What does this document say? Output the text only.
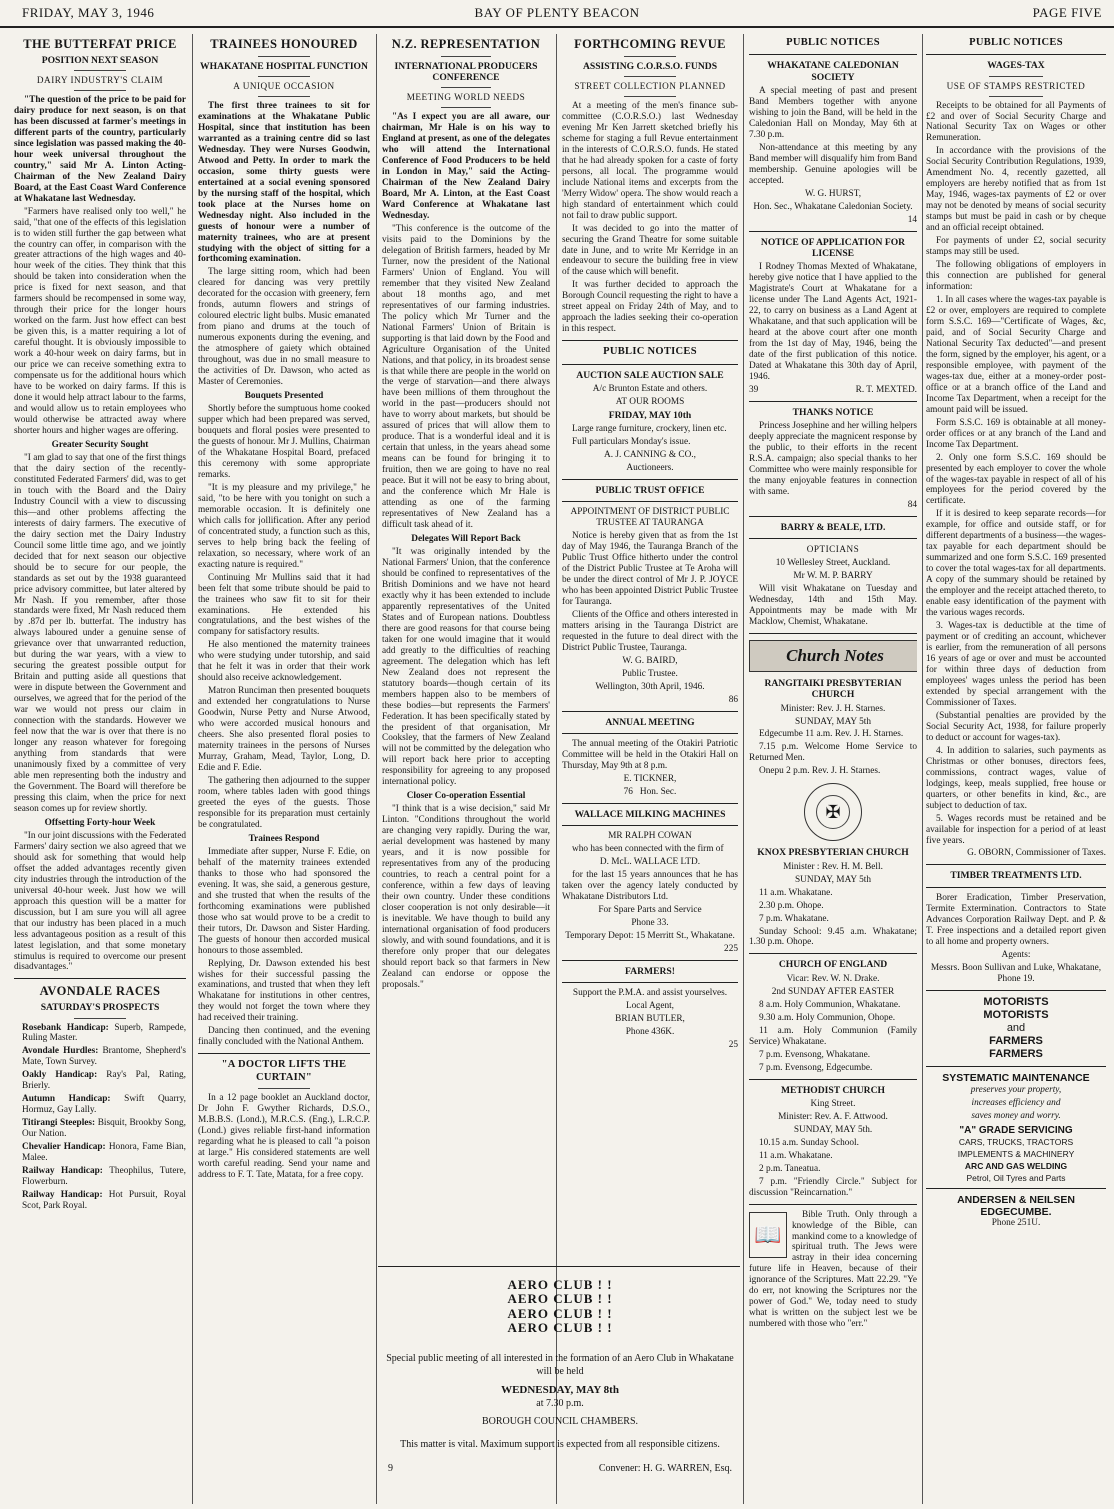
FRIDAY, MAY 3, 1946	BAY OF PLENTY BEACON	PAGE FIVE
THE BUTTERFAT PRICE
POSITION NEXT SEASON
DAIRY INDUSTRY'S CLAIM

"The question of the price to be paid for dairy produce for next season, is on that has been discussed at farmer's meetings in different parts of the country, particularly since legislation was passed making the 40-hour week universal throughout the country," said Mr A. Linton Acting-Chairman of the New Zealand Dairy Board, at the East Coast Ward Conference at Whakatane last Wednesday.

"Farmers have realised only too well," he said, "that one of the effects of this legislation is to widen still further the gap between what the country can offer, in comparison with the greater attractions of the high wages and 40-hour week of the cities. They think that this should be taken into consideration when the price is fixed for next season, and that farmers should be recompensed in some way, through their price for the longer hours worked on the farm. Just how effect can best be given this, is a matter requiring a lot of careful thought. It is obviously impossible to work a 40-hour week on dairy farms, but in our price we can receive something extra to compensate us for the additional hours which have to be worked on dairy farms. If this is done it would help attract labour to the farms, and would allow us to retain employees who would otherwise be attracted away where shorter hours and higher wages are offering.

Greater Security Sought

"I am glad to say that one of the first things that the dairy section of the recently-constituted Federated Farmers' did, was to get in touch with the Board and the Dairy Industry Council with a view to discussing this—and other problems affecting the interests of dairy farmers. The executive of the dairy section met the Dairy Industry Council some little time ago, and we jointly decided that for next season our objective should be to secure for our people, the standards as set out by the 1938 guaranteed price advisory committee, but later altered by Mr Nash. If you remember, after those standards were fixed, Mr Nash reduced them by .87d per lb. butterfat. The industry has always laboured under a genuine sense of grievance over that unwarranted reduction, but during the war years, with a view to securing the greatest possible output for Britain and putting aside all questions that were in dispute between the Government and ourselves, we agreed that for the period of the war we would not press our claim in connection with the standards. However we feel now that the war is over that there is no longer any reason whatever for foregoing anything from standards that were unanimously fixed by a committee of very able men representing both the industry and the Government. The Board will therefore be pressing this claim, when the price for next season comes up for review shortly.

Offsetting Forty-hour Week

"In our joint discussions with the Federated Farmers' dairy section we also agreed that we should ask for something that would help offset the added advantages recently given city industries through the introduction of the universal 40-hour week. Just how we will approach this question will be a matter for discussion, but I am sure you will all agree that our industry has been placed in a much less advantageous position as a result of this latest legislation, and that some monetary stimulus is required to overcome our present disadvantages."

AVONDALE RACES
SATURDAY'S PROSPECTS

Rosebank Handicap: Superb, Rampede, Ruling Master.

Avondale Hurdles: Brantome, Shepherd's Mate, Town Survey.

Oakly Handicap: Ray's Pal, Rating, Brierly.

Autumn Handicap: Swift Quarry, Hormuz, Gay Lally.

Titirangi Steeples: Bisquit, Brookby Song, Our Nation.

Chevalier Handicap: Honora, Fame Bian, Malee.

Railway Handicap: Theophilus, Tutere, Flowerburn.

Railway Handicap: Hot Pursuit, Royal Scot, Park Royal.

TRAINEES HONOURED
WHAKATANE HOSPITAL FUNCTION
A UNIQUE OCCASION

The first three trainees to sit for examinations at the Whakatane Public Hospital, since that institution has been warranted as a training centre did so last Wednesday. They were Nurses Goodwin, Atwood and Petty. In order to mark the occasion, some thirty guests were entertained at a social evening sponsored by the nursing staff of the hospital, which took place at the Nurses home on Wednesday night. Also included in the guests of honour were a number of maternity trainees, who are at present studying with the object of sitting for a forthcoming examination.

The large sitting room, which had been cleared for dancing was very prettily decorated for the occasion with greenery, fern fronds, autumn flowers and strings of coloured electric light bulbs. Music emanated from piano and drums at the touch of numerous exponents during the evening, and the atmosphere of gaiety which obtained throughout, was due in no small measure to the activities of Dr. Dawson, who acted as Master of Ceremonies.

Bouquets Presented

Shortly before the sumptuous home cooked supper which had been prepared was served, bouquets and floral posies were presented to the guests of honour. Mr J. Mullins, Chairman of the Whakatane Hospital Board, prefaced this ceremony with some appropriate remarks.

"It is my pleasure and my privilege," he said, "to be here with you tonight on such a memorable occasion. It is definitely one which calls for jollification. After any period of concentrated study, a function such as this, serves to help bring back the feeling of relaxation, so necessary, where work of an exacting nature is required."

Continuing Mr Mullins said that it had been felt that some tribute should be paid to the trainees who saw fit to sit for their examinations. He extended his congratulations, and the best wishes of the company for satisfactory results.

He also mentioned the maternity trainees who were studying under tutorship, and said that he felt it was in order that their work should also receive acknowledgement.

Matron Runciman then presented bouquets and extended her congratulations to Nurse Goodwin, Nurse Petty and Nurse Atwood, who were accorded musical honours and cheers. She also presented floral posies to maternity trainees in the persons of Nurses Murray, Graham, Mead, Taylor, Long, D. Edie and F. Edie.

The gathering then adjourned to the supper room, where tables laden with good things greeted the eyes of the guests. Those responsible for its preparation must certainly be congratulated.

Trainees Respond

Immediate after supper, Nurse F. Edie, on behalf of the maternity trainees extended thanks to those who had sponsored the evening. It was, she said, a generous gesture, and she trusted that when the results of the forthcoming examinations were published those who sat would prove to be a credit to their tutors, Dr. Dawson and Sister Harding. The guests of honour then accorded musical honours to those assembled.

Replying, Dr. Dawson extended his best wishes for their successful passing the examinations, and trusted that when they left Whakatane for institutions in other centres, they would not forget the town where they had received their training.

Dancing then continued, and the evening finally concluded with the National Anthem.

"A DOCTOR LIFTS THE CURTAIN"

In a 12 page booklet an Auckland doctor, Dr John F. Gwyther Richards, D.S.O., M.B.B.S. (Lond.), M.R.C.S. (Eng.), L.R.C.P. (Lond.) gives reliable first-hand information regarding what he is pleased to call "a poison at large." His considered statements are well worth careful reading. Send your name and address to F. T. Tate, Matata, for a free copy.

N.Z. REPRESENTATION
INTERNATIONAL PRODUCERS CONFERENCE
MEETING WORLD NEEDS

"As I expect you are all aware, our chairman, Mr Hale is on his way to England at present, as one of the delegates who will attend the International Conference of Food Producers to be held in London in May," said the Acting-Chairman of the New Zealand Dairy Board, Mr A. Linton, at the East Coast Ward Conference at Whakatane last Wednesday.

"This conference is the outcome of the visits paid to the Dominions by the delegation of British farmers, headed by Mr Turner, now the president of the National Farmers' Union of England. You will remember that they visited New Zealand about 18 months ago, and met representatives of our farming industries. The policy which Mr Turner and the National Farmers' Union of Britain is supporting is that laid down by the Food and Agriculture Organisation of the United Nations, and that policy, in its broadest sense is that while there are people in the world on the verge of starvation—and there always have been millions of them throughout the world in the past—producers should not have to worry about markets, but should be assured of prices that will allow them to produce. That is a wonderful ideal and it is certain that unless, in the years ahead some means can be found for bringing it to fruition, then we are going to have no real peace. But it will not be easy to bring about, and the conference which Mr Hale is attending as one of the farming representatives of New Zealand has a difficult task ahead of it.

Delegates Will Report Back

"It was originally intended by the National Farmers' Union, that the conference should be confined to representatives of the British Dominions and we have not heard exactly why it has been extended to include apparently representatives of the United States and of European nations. Doubtless there are good reasons for that course being taken for one would imagine that it would add greatly to the difficulties of reaching agreement. The delegation which has left New Zealand does not represent the statutory boards—though certain of its members happen also to be members of these bodies—but represents the Farmers' Federation. It has been specifically stated by the president of that organisation, Mr Cooksley, that the farmers of New Zealand will not be committed by the delegation who will report back here prior to accepting responsibility for agreeing to any proposed international policy.

Closer Co-operation Essential

"I think that is a wise decision," said Mr Linton. "Conditions throughout the world are changing very rapidly. During the war, aerial development was hastened by many years, and it is now possible for representatives from any of the producing countries, to reach a central point for a conference, within a few days of leaving their own country. Under these conditions closer cooperation is not only desirable—it is inevitable. We have though to build any international organisation of food producers slowly, and with sound foundations, and it is therefore only proper that our delegates should report back so that farmers in New Zealand can endorse or oppose the proposals."

FORTHCOMING REVUE
ASSISTING C.O.R.S.O. FUNDS
STREET COLLECTION PLANNED

At a meeting of the men's finance sub-committee (C.O.R.S.O.) last Wednesday evening Mr Ken Jarrett sketched briefly his scheme for staging a full Revue entertainment in the interests of C.O.R.S.O. funds. He stated that he had already spoken for a caste of forty persons, all local. The programme would include National items and excerpts from the 'Merry Widow' opera. The show would reach a high standard of entertainment which could not fail to draw public support.

It was decided to go into the matter of securing the Grand Theatre for some suitable date in June, and to write Mr Kerridge in an endeavour to secure the building free in view of the cause which will benefit.

It was further decided to approach the Borough Council requesting the right to have a street appeal on Friday 24th of May, and to approach the ladies seeking their co-operation in this respect.

PUBLIC NOTICES
AUCTION SALE AUCTION SALE

A/c Brunton Estate and others.

AT OUR ROOMS

FRIDAY, MAY 10th

Large range furniture, crockery, linen etc.

Full particulars Monday's issue.

A. J. CANNING & CO.,

Auctioneers.

PUBLIC TRUST OFFICE

APPOINTMENT OF DISTRICT PUBLIC TRUSTEE AT TAURANGA

Notice is hereby given that as from the 1st day of May 1946, the Tauranga Branch of the Public Trust Office hitherto under the control of the District Public Trustee at Te Aroha will be under the direct control of Mr J. P. JOYCE who has been appointed District Public Trustee for Tauranga.

Clients of the Office and others interested in matters arising in the Tauranga District are requested in the future to deal direct with the District Public Trustee, Tauranga.

W. G. BAIRD,

Public Trustee.

Wellington, 30th April, 1946.

86

ANNUAL MEETING

The annual meeting of the Otakiri Patriotic Committee will be held in the Otakiri Hall on Thursday, May 9th at 8 p.m.

E. TICKNER,

76 Hon. Sec.

WALLACE MILKING MACHINES

MR RALPH COWAN

who has been connected with the firm of

D. McL. WALLACE LTD.

for the last 15 years announces that he has taken over the agency lately conducted by Whakatane Distributors Ltd.

For Spare Parts and Service

Phone 33.

Temporary Depot: 15 Merritt St., Whakatane.

225

FARMERS!

Support the P.M.A. and assist yourselves.

Local Agent,

BRIAN BUTLER,

Phone 436K.

25

AERO CLUB ! !
AERO CLUB ! !
AERO CLUB ! !
AERO CLUB ! !
Special public meeting of all interested in the formation of an Aero Club in Whakatane will be held
WEDNESDAY, MAY 8th
at 7.30 p.m.
BOROUGH COUNCIL CHAMBERS.
This matter is vital. Maximum support is expected from all responsible citizens.
9	Convener: H. G. WARREN, Esq.
PUBLIC NOTICES
WHAKATANE CALEDONIAN SOCIETY

A special meeting of past and present Band Members together with anyone wishing to join the Band, will be held in the Caledonian Hall on Monday, May 6th at 7.30 p.m.

Non-attendance at this meeting by any Band member will disqualify him from Band membership. Genuine apologies will be accepted.

W. G. HURST,

Hon. Sec., Whakatane Caledonian Society.

14

NOTICE OF APPLICATION FOR LICENSE

I Rodney Thomas Mexted of Whakatane, hereby give notice that I have applied to the Magistrate's Court at Whakatane for a license under The Land Agents Act, 1921-22, to carry on business as a Land Agent at Whakatane, and that such application will be heard at the above court after one month from the 1st day of May, 1946, being the date of the first publication of this notice. Dated at Whakatane this 30th day of April, 1946.

39	R. T. MEXTED.

THANKS NOTICE

Princess Josephine and her willing helpers deeply appreciate the magnicent response by the public, to their efforts in the recent R.S.A. campaign; also special thanks to her Committee who were mainly responsible for the many enjoyable features in connection with same.

84

BARRY & BEALE, LTD.
OPTICIANS

10 Wellesley Street, Auckland.

Mr W. M. P. BARRY

Will visit Whakatane on Tuesday and Wednesday, 14th and 15th May. Appointments may be made with Mr Macklow, Chemist, Whakatane.

Church Notes
RANGITAIKI PRESBYTERIAN CHURCH

Minister: Rev. J. H. Starnes.

SUNDAY, MAY 5th

Edgecumbe 11 a.m. Rev. J. H. Starnes.

7.15 p.m. Welcome Home Service to Returned Men.

Onepu 2 p.m. Rev. J. H. Starnes.

✠
KNOX PRESBYTERIAN CHURCH

Minister : Rev. H. M. Bell.

SUNDAY, MAY 5th

11 a.m. Whakatane.

2.30 p.m. Ohope.

7 p.m. Whakatane.

Sunday School: 9.45 a.m. Whakatane; 1.30 p.m. Ohope.

CHURCH OF ENGLAND

Vicar: Rev. W. N. Drake.

2nd SUNDAY AFTER EASTER

8 a.m. Holy Communion, Whakatane.

9.30 a.m. Holy Communion, Ohope.

11 a.m. Holy Communion (Family Service) Whakatane.

7 p.m. Evensong, Whakatane.

7 p.m. Evensong, Edgecumbe.

METHODIST CHURCH

King Street.

Minister: Rev. A. F. Attwood.

SUNDAY, MAY 5th.

10.15 a.m. Sunday School.

11 a.m. Whakatane.

2 p.m. Taneatua.

7 p.m. "Friendly Circle." Subject for discussion "Reincarnation."

📖

Bible Truth. Only through a knowledge of the Bible, can mankind come to a knowledge of spiritual truth. The Jews were astray in their idea concerning future life in Heaven, because of their ignorance of the Scriptures. Matt 22.29. "Ye do err, not knowing the Scriptures nor the power of God." We, today need to study what is written on the subject lest we be numbered with those who "err."

PUBLIC NOTICES
WAGES-TAX
USE OF STAMPS RESTRICTED

Receipts to be obtained for all Payments of £2 and over of Social Security Charge and National Security Tax on Wages or other Remuneration.

In accordance with the provisions of the Social Security Contribution Regulations, 1939, Amendment No. 4, recently gazetted, all employers are hereby notified that as from 1st May, 1946, wages-tax payments of £2 or over may not be denoted by means of social security stamps but must be paid in cash or by cheque and an official receipt obtained.

For payments of under £2, social security stamps may still be used.

The following obligations of employers in this connection are published for general information:

1. In all cases where the wages-tax payable is £2 or over, employers are required to complete form S.S.C. 169—"Certificate of Wages, &c, paid, and of Social Security Charge and National Security Tax deducted"—and present the form, signed by the employer, his agent, or a responsible employee, with payment of the wages-tax due, either at a money-order post-office or at a branch office of the Land and Income Tax Department, when a receipt for the amount paid will be issued.

Form S.S.C. 169 is obtainable at all money-order offices or at any branch of the Land and Income Tax Department.

2. Only one form S.S.C. 169 should be presented by each employer to cover the whole of the wages-tax payable in respect of all of his employees for the period covered by the certificate.

If it is desired to keep separate records—for example, for office and outside staff, or for different departments of a business—the wages-tax payable for each department should be summarized and one form S.S.C. 169 presented to cover the total wages-tax for all departments. A copy of the summary should be retained by the employer and the receipt attached thereto, to enable easy identification of the payment with the various wages records.

3. Wages-tax is deductible at the time of payment or of crediting an account, whichever is earlier, from the remuneration of all persons 16 years of age or over and must be accounted for within three days of deduction from employees' wages unless the period has been extended by special arrangement with the Commissioner of Taxes.

(Substantial penalties are provided by the Social Security Act, 1938, for failure properly to deduct or account for wages-tax).

4. In addition to salaries, such payments as Christmas or other bonuses, directors fees, commissions, contract wages, value of lodgings, keep, meals supplied, free house or quarters, or other benefits in kind, &c., are subject to deduction of tax.

5. Wages records must be retained and be available for inspection for a period of at least five years.

G. OBORN, Commissioner of Taxes.

TIMBER TREATMENTS LTD.

Borer Eradication, Timber Preservation, Termite Extermination. Contractors to State Advances Corporation Railway Dept. and P. & T. Free inspections and a detailed report given to all home and property owners.

Agents:

Messrs. Boon Sullivan and Luke, Whakatane, Phone 19.

MOTORISTS
MOTORISTS
and
FARMERS
FARMERS
SYSTEMATIC MAINTENANCE

preserves your property,

increases efficiency and

saves money and worry.

"A" GRADE SERVICING

CARS, TRUCKS, TRACTORS

IMPLEMENTS & MACHINERY

ARC AND GAS WELDING

Petrol, Oil Tyres and Parts

ANDERSEN & NEILSEN
EDGECUMBE.

Phone 251U.
